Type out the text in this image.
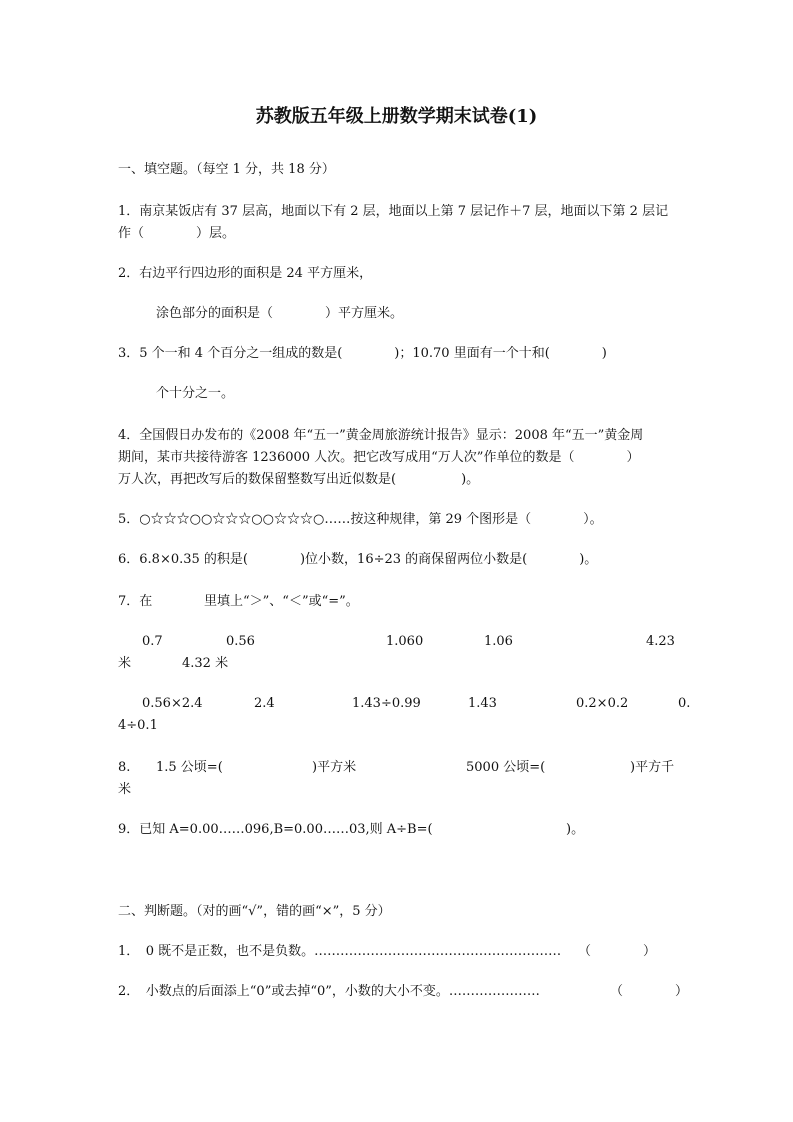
苏教版五年级上册数学期末试卷(1)
一、填空题。（每空 1 分，共 18 分）
1．南京某饭店有 37 层高，地面以下有 2 层，地面以上第 7 层记作＋7 层，地面以下第 2 层记
作（　　　　）层。
2．右边平行四边形的面积是 24 平方厘米，
涂色部分的面积是（　　　　）平方厘米。
3．5 个一和 4 个百分之一组成的数是(　　　　)；10.70 里面有一个十和(　　　　)
个十分之一。
4．全国假日办发布的《2008 年“五一”黄金周旅游统计报告》显示：2008 年“五一”黄金周
期间，某市共接待游客 1236000 人次。把它改写成用“万人次”作单位的数是（　　　　）
万人次，再把改写后的数保留整数写出近似数是(　　　　　)。
5．○☆☆☆○○☆☆☆○○☆☆☆○……按这种规律，第 29 个图形是（　　　　）。
6．6.8×0.35 的积是(　　　　)位小数，16÷23 的商保留两位小数是(　　　　)。
7．在	里填上“＞”、“＜”或“=”。
0.7	0.56	1.060	1.06	4.23
米	4.32 米
0.56×2.4	2.4	1.43÷0.99	1.43	0.2×0.2	0.
4÷0.1
8. 1.5 公顷=(	)平方米	5000 公顷=(	)平方千
米
9．已知 A=0.00……096,B=0.00……03,则 A÷B=(	)。
二、判断题。（对的画“√”，错的画“×”，5 分）
1．　0 既不是正数，也不是负数。………………………………………………… （　　　　）
2．　小数点的后面添上“0”或去掉“0”，小数的大小不变。…………………	（　　　　）
